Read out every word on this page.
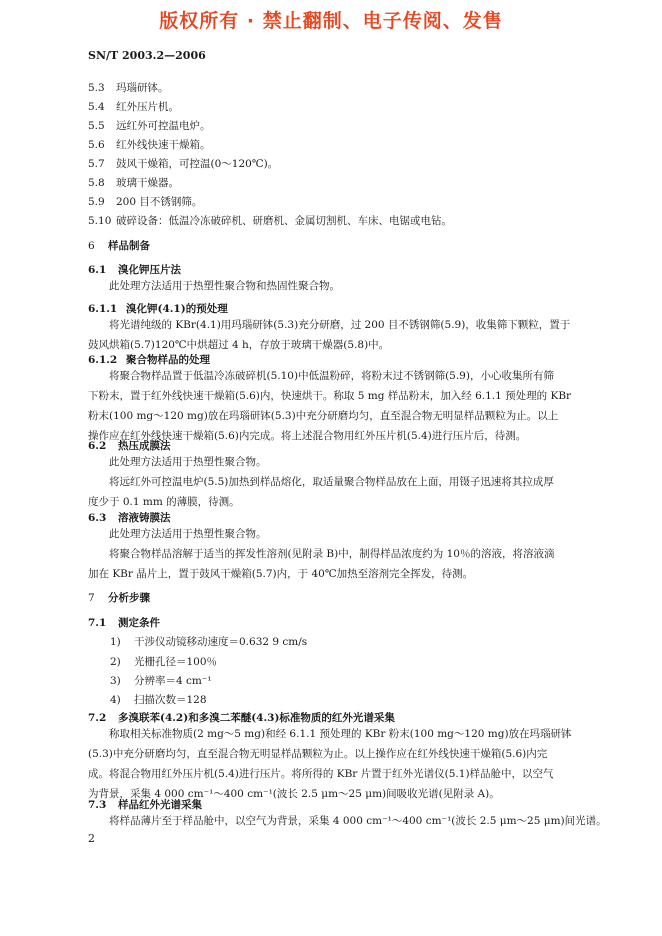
版权所有 · 禁止翻制、电子传阅、发售
SN/T 2003.2—2006
5.3 玛瑙研钵。
5.4 红外压片机。
5.5 远红外可控温电炉。
5.6 红外线快速干燥箱。
5.7 鼓风干燥箱，可控温(0～120℃)。
5.8 玻璃干燥器。
5.9 200 目不锈钢筛。
5.10 破碎设备：低温冷冻破碎机、研磨机、金属切割机、车床、电锯或电钻。
6 样品制备
6.1 溴化钾压片法
此处理方法适用于热塑性聚合物和热固性聚合物。
6.1.1 溴化钾(4.1)的预处理
将光谱纯级的 KBr(4.1)用玛瑙研钵(5.3)充分研磨，过 200 目不锈钢筛(5.9)，收集筛下颗粒，置于
鼓风烘箱(5.7)120℃中烘超过 4 h，存放于玻璃干燥器(5.8)中。
6.1.2 聚合物样品的处理
将聚合物样品置于低温冷冻破碎机(5.10)中低温粉碎，将粉末过不锈钢筛(5.9)，小心收集所有筛
下粉末，置于红外线快速干燥箱(5.6)内，快速烘干。称取 5 mg 样品粉末，加入经 6.1.1 预处理的 KBr
粉末(100 mg～120 mg)放在玛瑙研钵(5.3)中充分研磨均匀，直至混合物无明显样品颗粒为止。以上
操作应在红外线快速干燥箱(5.6)内完成。将上述混合物用红外压片机(5.4)进行压片后，待测。
6.2 热压成膜法
此处理方法适用于热塑性聚合物。
将远红外可控温电炉(5.5)加热到样品熔化，取适量聚合物样品放在上面，用镊子迅速将其拉成厚
度少于 0.1 mm 的薄膜，待测。
6.3 溶液铸膜法
此处理方法适用于热塑性聚合物。
将聚合物样品溶解于适当的挥发性溶剂(见附录 B)中，制得样品浓度约为 10％的溶液，将溶液滴
加在 KBr 晶片上，置于鼓风干燥箱(5.7)内，于 40℃加热至溶剂完全挥发，待测。
7 分析步骤
7.1 测定条件
1) 干涉仪动镜移动速度＝0.632 9 cm/s
2) 光栅孔径＝100％
3) 分辨率＝4 cm⁻¹
4) 扫描次数＝128
7.2 多溴联苯(4.2)和多溴二苯醚(4.3)标准物质的红外光谱采集
称取相关标准物质(2 mg～5 mg)和经 6.1.1 预处理的 KBr 粉末(100 mg～120 mg)放在玛瑙研钵
(5.3)中充分研磨均匀，直至混合物无明显样品颗粒为止。以上操作应在红外线快速干燥箱(5.6)内完
成。将混合物用红外压片机(5.4)进行压片。将所得的 KBr 片置于红外光谱仪(5.1)样品舱中，以空气
为背景，采集 4 000 cm⁻¹～400 cm⁻¹(波长 2.5 μm～25 μm)间吸收光谱(见附录 A)。
7.3 样品红外光谱采集
将样品薄片至于样品舱中，以空气为背景，采集 4 000 cm⁻¹～400 cm⁻¹(波长 2.5 μm～25 μm)间光谱。
2
